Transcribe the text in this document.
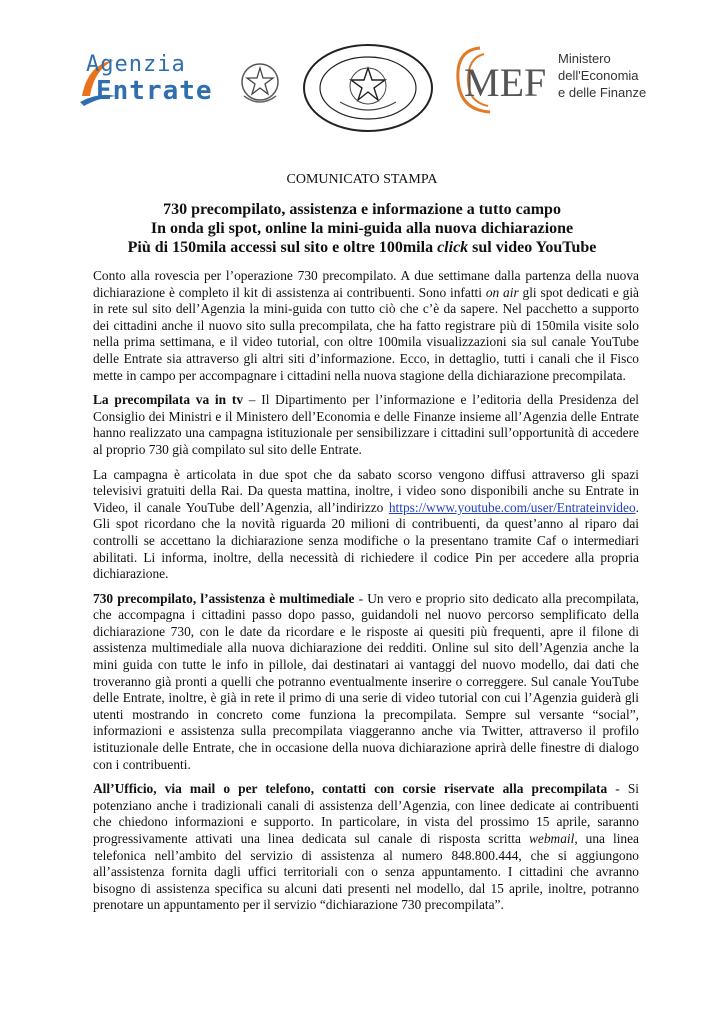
Agenzia
Entrate	MEF
Ministero
dell'Economia
e delle Finanze
COMUNICATO STAMPA
730 precompilato, assistenza e informazione a tutto campo
In onda gli spot, online la mini-guida alla nuova dichiarazione
Più di 150mila accessi sul sito e oltre 100mila click sul video YouTube

Conto alla rovescia per l’operazione 730 precompilato. A due settimane dalla partenza della nuova dichiarazione è completo il kit di assistenza ai contribuenti. Sono infatti on air gli spot dedicati e già in rete sul sito dell’Agenzia la mini-guida con tutto ciò che c’è da sapere. Nel pacchetto a supporto dei cittadini anche il nuovo sito sulla precompilata, che ha fatto registrare più di 150mila visite solo nella prima settimana, e il video tutorial, con oltre 100mila visualizzazioni sia sul canale YouTube delle Entrate sia attraverso gli altri siti d’informazione. Ecco, in dettaglio, tutti i canali che il Fisco mette in campo per accompagnare i cittadini nella nuova stagione della dichiarazione precompilata.

La precompilata va in tv – Il Dipartimento per l’informazione e l’editoria della Presidenza del Consiglio dei Ministri e il Ministero dell’Economia e delle Finanze insieme all’Agenzia delle Entrate hanno realizzato una campagna istituzionale per sensibilizzare i cittadini sull’opportunità di accedere al proprio 730 già compilato sul sito delle Entrate.

La campagna è articolata in due spot che da sabato scorso vengono diffusi attraverso gli spazi televisivi gratuiti della Rai. Da questa mattina, inoltre, i video sono disponibili anche su Entrate in Video, il canale YouTube dell’Agenzia, all’indirizzo https://www.youtube.com/user/Entrateinvideo. Gli spot ricordano che la novità riguarda 20 milioni di contribuenti, da quest’anno al riparo dai controlli se accettano la dichiarazione senza modifiche o la presentano tramite Caf o intermediari abilitati. Li informa, inoltre, della necessità di richiedere il codice Pin per accedere alla propria dichiarazione.

730 precompilato, l’assistenza è multimediale - Un vero e proprio sito dedicato alla precompilata, che accompagna i cittadini passo dopo passo, guidandoli nel nuovo percorso semplificato della dichiarazione 730, con le date da ricordare e le risposte ai quesiti più frequenti, apre il filone di assistenza multimediale alla nuova dichiarazione dei redditi. Online sul sito dell’Agenzia anche la mini guida con tutte le info in pillole, dai destinatari ai vantaggi del nuovo modello, dai dati che troveranno già pronti a quelli che potranno eventualmente inserire o correggere. Sul canale YouTube delle Entrate, inoltre, è già in rete il primo di una serie di video tutorial con cui l’Agenzia guiderà gli utenti mostrando in concreto come funziona la precompilata. Sempre sul versante “social”, informazioni e assistenza sulla precompilata viaggeranno anche via Twitter, attraverso il profilo istituzionale delle Entrate, che in occasione della nuova dichiarazione aprirà delle finestre di dialogo con i contribuenti.

All’Ufficio, via mail o per telefono, contatti con corsie riservate alla precompilata - Si potenziano anche i tradizionali canali di assistenza dell’Agenzia, con linee dedicate ai contribuenti che chiedono informazioni e supporto. In particolare, in vista del prossimo 15 aprile, saranno progressivamente attivati una linea dedicata sul canale di risposta scritta webmail, una linea telefonica nell’ambito del servizio di assistenza al numero 848.800.444, che si aggiungono all’assistenza fornita dagli uffici territoriali con o senza appuntamento. I cittadini che avranno bisogno di assistenza specifica su alcuni dati presenti nel modello, dal 15 aprile, inoltre, potranno prenotare un appuntamento per il servizio “dichiarazione 730 precompilata”.
